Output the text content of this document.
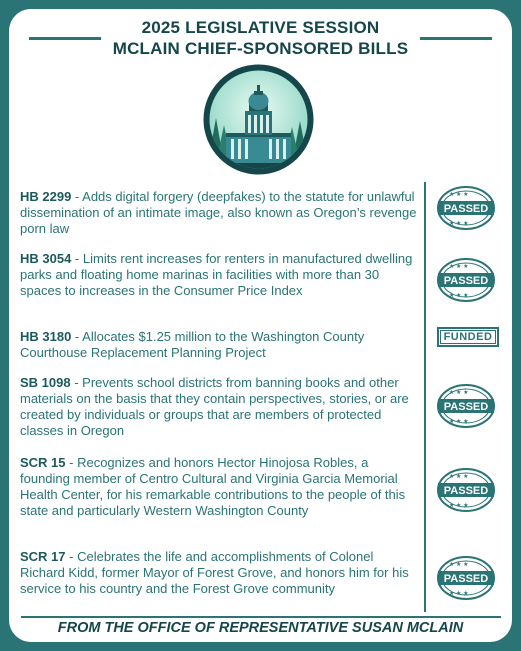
2025 LEGISLATIVE SESSION
MCLAIN CHIEF-SPONSORED BILLS
HB 2299 - Adds digital forgery (deepfakes) to the statute for unlawful dissemination of an intimate image, also known as Oregon’s revenge porn law
HB 3054 - Limits rent increases for renters in manufactured dwelling parks and floating home marinas in facilities with more than 30 spaces to increases in the Consumer Price Index
HB 3180 - Allocates $1.25 million to the Washington County Courthouse Replacement Planning Project
SB 1098 - Prevents school districts from banning books and other materials on the basis that they contain perspectives, stories, or are created by individuals or groups that are members of protected classes in Oregon
SCR 15 - Recognizes and honors Hector Hinojosa Robles, a founding member of Centro Cultural and Virginia Garcia Memorial Health Center, for his remarkable contributions to the people of this state and particularly Western Washington County
SCR 17 - Celebrates the life and accomplishments of Colonel Richard Kidd, former Mayor of Forest Grove, and honors him for his service to his country and the Forest Grove community
★ ★ ★
★ ★ ★
PASSED
★ ★ ★
★ ★ ★
PASSED
FUNDED
★ ★ ★
★ ★ ★
PASSED
★ ★ ★
★ ★ ★
PASSED
★ ★ ★
★ ★ ★
PASSED
FROM THE OFFICE OF REPRESENTATIVE SUSAN MCLAIN
